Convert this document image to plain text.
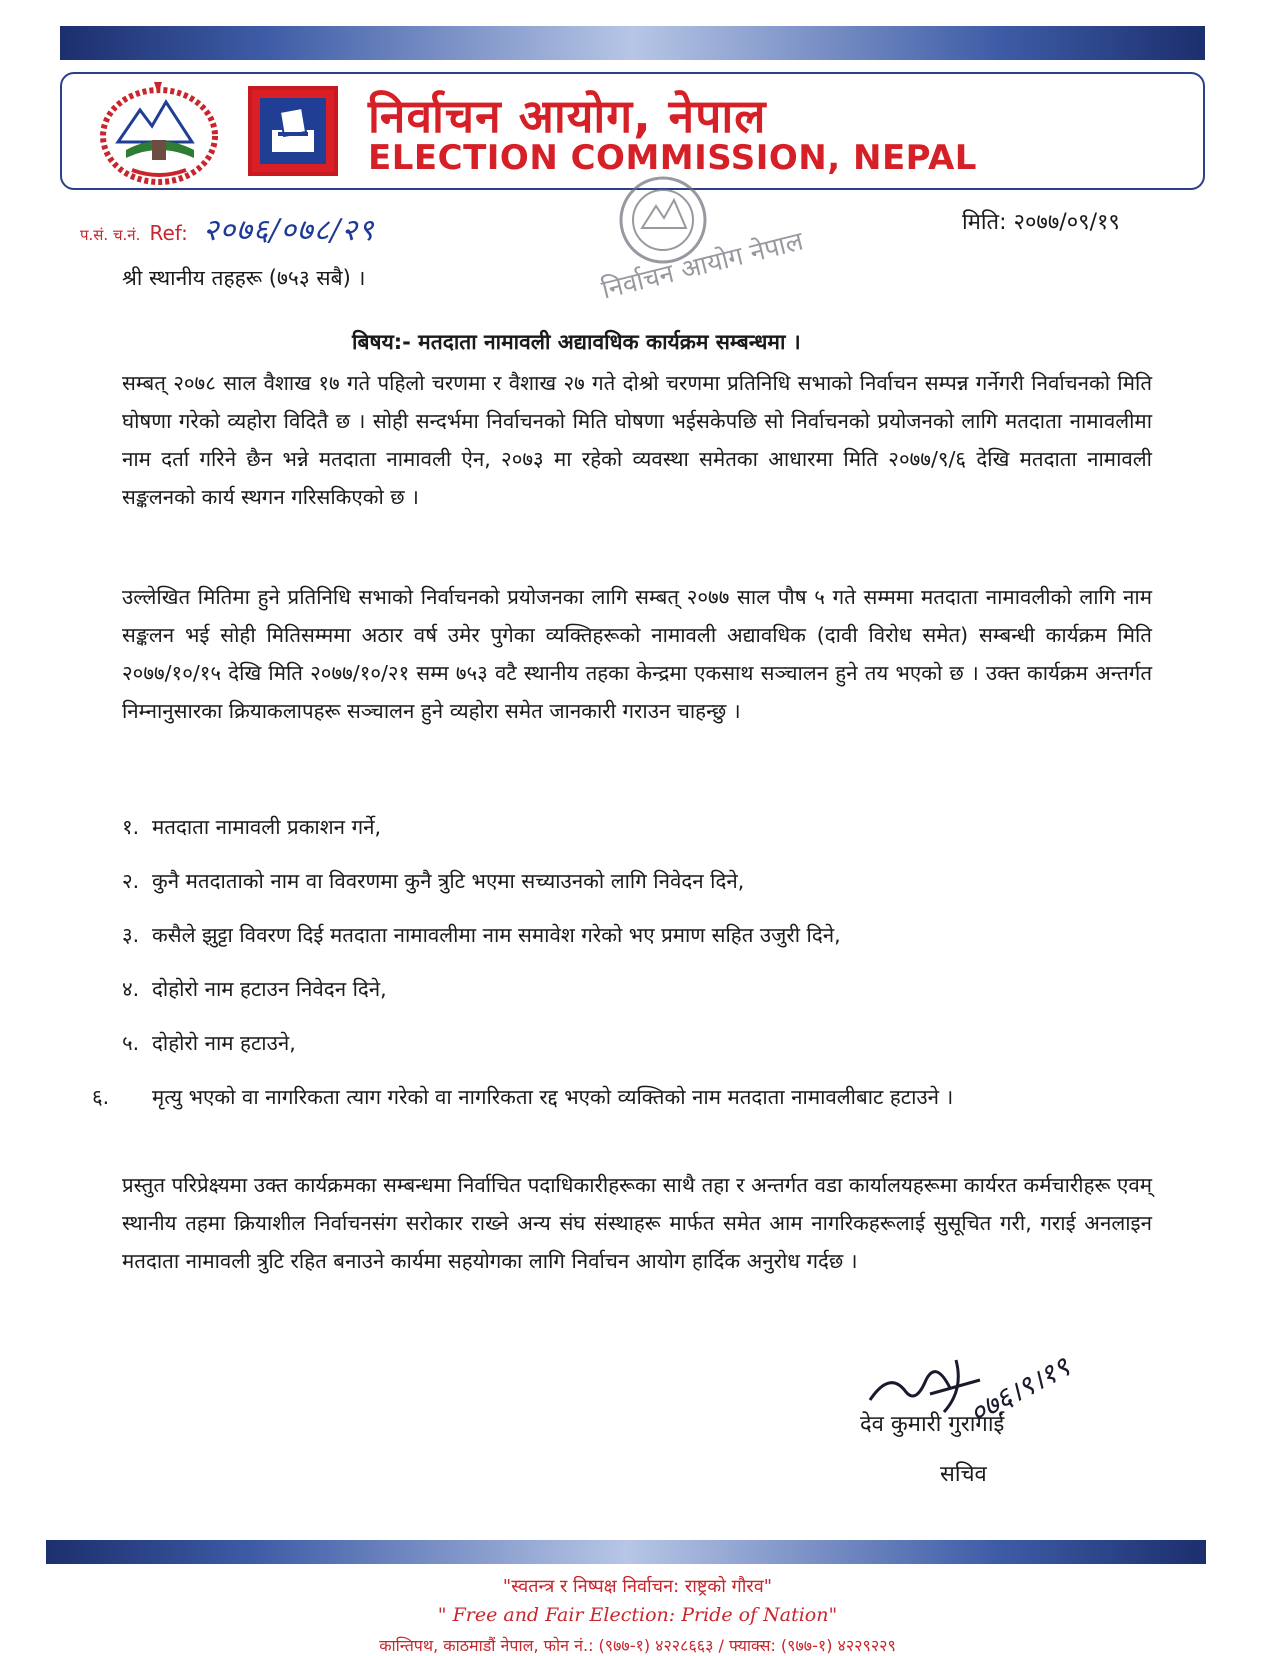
निर्वाचन आयोग, नेपाल
ELECTION COMMISSION, NEPAL
प.सं. च.नं. Ref: २०७६/०७८/२९	मिति: २०७७/०९/१९
निर्वाचन आयोग नेपाल
श्री स्थानीय तहहरू (७५३ सबै) ।
बिषय:- मतदाता नामावली अद्यावधिक कार्यक्रम सम्बन्धमा ।

सम्बत् २०७८ साल वैशाख १७ गते पहिलो चरणमा र वैशाख २७ गते दोश्रो चरणमा प्रतिनिधि सभाको निर्वाचन सम्पन्न गर्नेगरी निर्वाचनको मिति घोषणा गरेको व्यहोरा विदितै छ । सोही सन्दर्भमा निर्वाचनको मिति घोषणा भईसकेपछि सो निर्वाचनको प्रयोजनको लागि मतदाता नामावलीमा नाम दर्ता गरिने छैन भन्ने मतदाता नामावली ऐन, २०७३ मा रहेको व्यवस्था समेतका आधारमा मिति २०७७/९/६ देखि मतदाता नामावली सङ्कलनको कार्य स्थगन गरिसकिएको छ ।

उल्लेखित मितिमा हुने प्रतिनिधि सभाको निर्वाचनको प्रयोजनका लागि सम्बत् २०७७ साल पौष ५ गते सम्ममा मतदाता नामावलीको लागि नाम सङ्कलन भई सोही मितिसम्ममा अठार वर्ष उमेर पुगेका व्यक्तिहरूको नामावली अद्यावधिक (दावी विरोध समेत) सम्बन्धी कार्यक्रम मिति २०७७/१०/१५ देखि मिति २०७७/१०/२१ सम्म ७५३ वटै स्थानीय तहका केन्द्रमा एकसाथ सञ्चालन हुने तय भएको छ । उक्त कार्यक्रम अन्तर्गत निम्नानुसारका क्रियाकलापहरू सञ्चालन हुने व्यहोरा समेत जानकारी गराउन चाहन्छु ।

१. मतदाता नामावली प्रकाशन गर्ने,

२. कुनै मतदाताको नाम वा विवरणमा कुनै त्रुटि भएमा सच्याउनको लागि निवेदन दिने,

३. कसैले झुट्टा विवरण दिई मतदाता नामावलीमा नाम समावेश गरेको भए प्रमाण सहित उजुरी दिने,

४. दोहोरो नाम हटाउन निवेदन दिने,

५. दोहोरो नाम हटाउने,

६. मृत्यु भएको वा नागरिकता त्याग गरेको वा नागरिकता रद्द भएको व्यक्तिको नाम मतदाता नामावलीबाट हटाउने ।

प्रस्तुत परिप्रेक्ष्यमा उक्त कार्यक्रमका सम्बन्धमा निर्वाचित पदाधिकारीहरूका साथै तहा र अन्तर्गत वडा कार्यालयहरूमा कार्यरत कर्मचारीहरू एवम् स्थानीय तहमा क्रियाशील निर्वाचनसंग सरोकार राख्ने अन्य संघ संस्थाहरू मार्फत समेत आम नागरिकहरूलाई सुसूचित गरी, गराई अनलाइन मतदाता नामावली त्रुटि रहित बनाउने कार्यमा सहयोगका लागि निर्वाचन आयोग हार्दिक अनुरोध गर्दछ ।

०७६।९।१९
देव कुमारी गुरागाईं
सचिव
"स्वतन्त्र र निष्पक्ष निर्वाचन: राष्ट्रको गौरव"
" Free and Fair Election: Pride of Nation"
कान्तिपथ, काठमाडौं नेपाल, फोन नं.: (९७७-१) ४२२८६६३ / फ्याक्स: (९७७-१) ४२२९२२९
